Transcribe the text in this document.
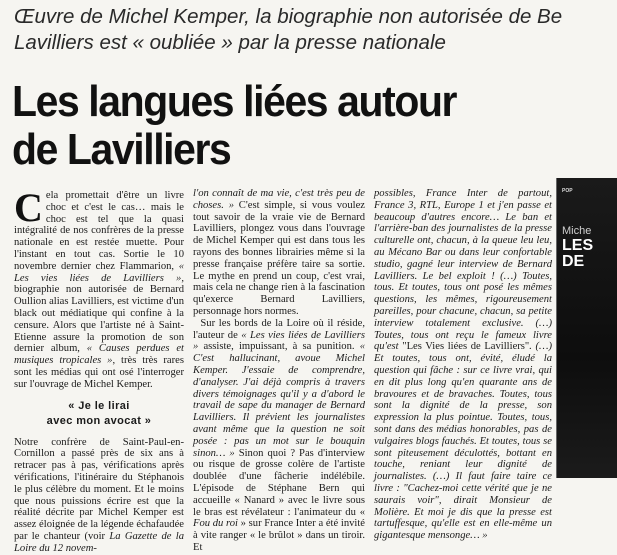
Œuvre de Michel Kemper, la biographie non autorisée de Be
Lavilliers est « oubliée » par la presse nationale
Les langues liées autour
de Lavilliers

Cela promettait d'être un livre choc et c'est le cas… mais le choc est tel que la quasi intégralité de nos confrères de la presse nationale en est restée muette. Pour l'instant en tout cas. Sortie le 10 novembre dernier chez Flammarion, « Les vies liées de Lavilliers », biographie non autorisée de Bernard Oullion alias Lavilliers, est victime d'un black out médiatique qui confine à la censure. Alors que l'artiste né à Saint-Etienne assure la promotion de son dernier album, « Causes perdues et musiques tropicales », très très rares sont les médias qui ont osé l'interroger sur l'ouvrage de Michel Kemper.

« Je le lirai
avec mon avocat »

Notre confrère de Saint-Paul-en-Cornillon a passé près de six ans à retracer pas à pas, vérifications après vérifications, l'itinéraire du Stéphanois le plus célèbre du moment. Et le moins que nous puissions écrire est que la réalité décrite par Michel Kemper est assez éloignée de la légende échafaudée par le chanteur (voir La Gazette de la Loire du 12 novem-

l'on connaît de ma vie, c'est très peu de choses. » C'est simple, si vous voulez tout savoir de la vraie vie de Bernard Lavilliers, plongez vous dans l'ouvrage de Michel Kemper qui est dans tous les rayons des bonnes librairies même si la presse française préfère taire sa sortie. Le mythe en prend un coup, c'est vrai, mais cela ne change rien à la fascination qu'exerce Bernard Lavilliers, personnage hors normes.

Sur les bords de la Loire où il réside, l'auteur de « Les vies liées de Lavilliers » assiste, impuissant, à sa punition. « C'est hallucinant, avoue Michel Kemper. J'essaie de comprendre, d'analyser. J'ai déjà compris à travers divers témoignages qu'il y a d'abord le travail de sape du manager de Bernard Lavilliers. Il prévient les journalistes avant même que la question ne soit posée : pas un mot sur le bouquin sinon… » Sinon quoi ? Pas d'interview ou risque de grosse colère de l'artiste doublée d'une fâcherie indélébile. L'épisode de Stéphane Bern qui accueille « Nanard » avec le livre sous le bras est révélateur : l'animateur du « Fou du roi » sur France Inter a été invité à vite ranger « le brûlot » dans un tiroir. Et

possibles, France Inter de partout, France 3, RTL, Europe 1 et j'en passe et beaucoup d'autres encore… Le ban et l'arrière-ban des journalistes de la presse culturelle ont, chacun, à la queue leu leu, au Mécano Bar ou dans leur confortable studio, gagné leur interview de Bernard Lavilliers. Le bel exploit ! (…) Toutes, tous. Et toutes, tous ont posé les mêmes questions, les mêmes, rigoureusement pareilles, pour chacune, chacun, sa petite interview totalement exclusive. (…) Toutes, tous ont reçu le fameux livre qu'est "Les Vies liées de Lavilliers". (…) Et toutes, tous ont, évité, éludé la question qui fâche : sur ce livre vrai, qui en dit plus long qu'en quarante ans de bravoures et de bravaches. Toutes, tous sont la dignité de la presse, son expression la plus pointue. Toutes, tous, sont dans des médias honorables, pas de vulgaires blogs fauchés. Et toutes, tous se sont piteusement déculottés, bottant en touche, reniant leur dignité de journalistes. (…) Il faut faire taire ce livre : "Cachez-moi cette vérité que je ne saurais voir", dirait Monsieur de Molière. Et moi je dis que la presse est tartuffesque, qu'elle est en elle-même un gigantesque mensonge… »

POP
Miche
LES
DE
